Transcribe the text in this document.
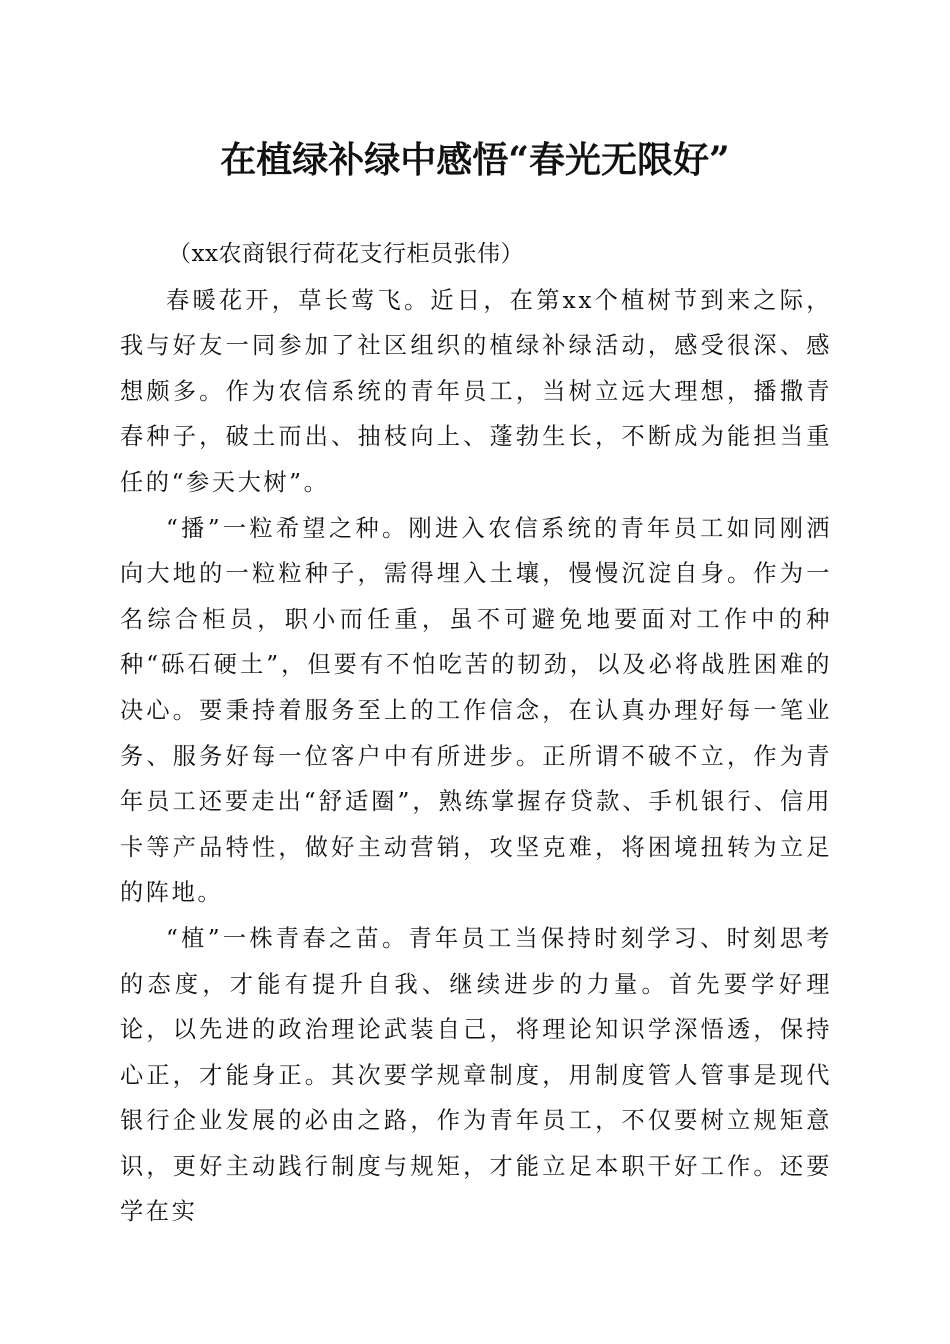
在植绿补绿中感悟“春光无限好”

（xx农商银行荷花支行柜员张伟）

春暖花开，草长莺飞。近日，在第xx个植树节到来之际，我与好友一同参加了社区组织的植绿补绿活动，感受很深、感想颇多。作为农信系统的青年员工，当树立远大理想，播撒青春种子，破土而出、抽枝向上、蓬勃生长，不断成为能担当重任的“参天大树”。

“播”一粒希望之种。刚进入农信系统的青年员工如同刚洒向大地的一粒粒种子，需得埋入土壤，慢慢沉淀自身。作为一名综合柜员，职小而任重，虽不可避免地要面对工作中的种种“砾石硬土”，但要有不怕吃苦的韧劲，以及必将战胜困难的决心。要秉持着服务至上的工作信念，在认真办理好每一笔业务、服务好每一位客户中有所进步。正所谓不破不立，作为青年员工还要走出“舒适圈”，熟练掌握存贷款、手机银行、信用卡等产品特性，做好主动营销，攻坚克难，将困境扭转为立足的阵地。

“植”一株青春之苗。青年员工当保持时刻学习、时刻思考的态度，才能有提升自我、继续进步的力量。首先要学好理论，以先进的政治理论武装自己，将理论知识学深悟透，保持心正，才能身正。其次要学规章制度，用制度管人管事是现代银行企业发展的必由之路，作为青年员工，不仅要树立规矩意识，更好主动践行制度与规矩，才能立足本职干好工作。还要学在实
